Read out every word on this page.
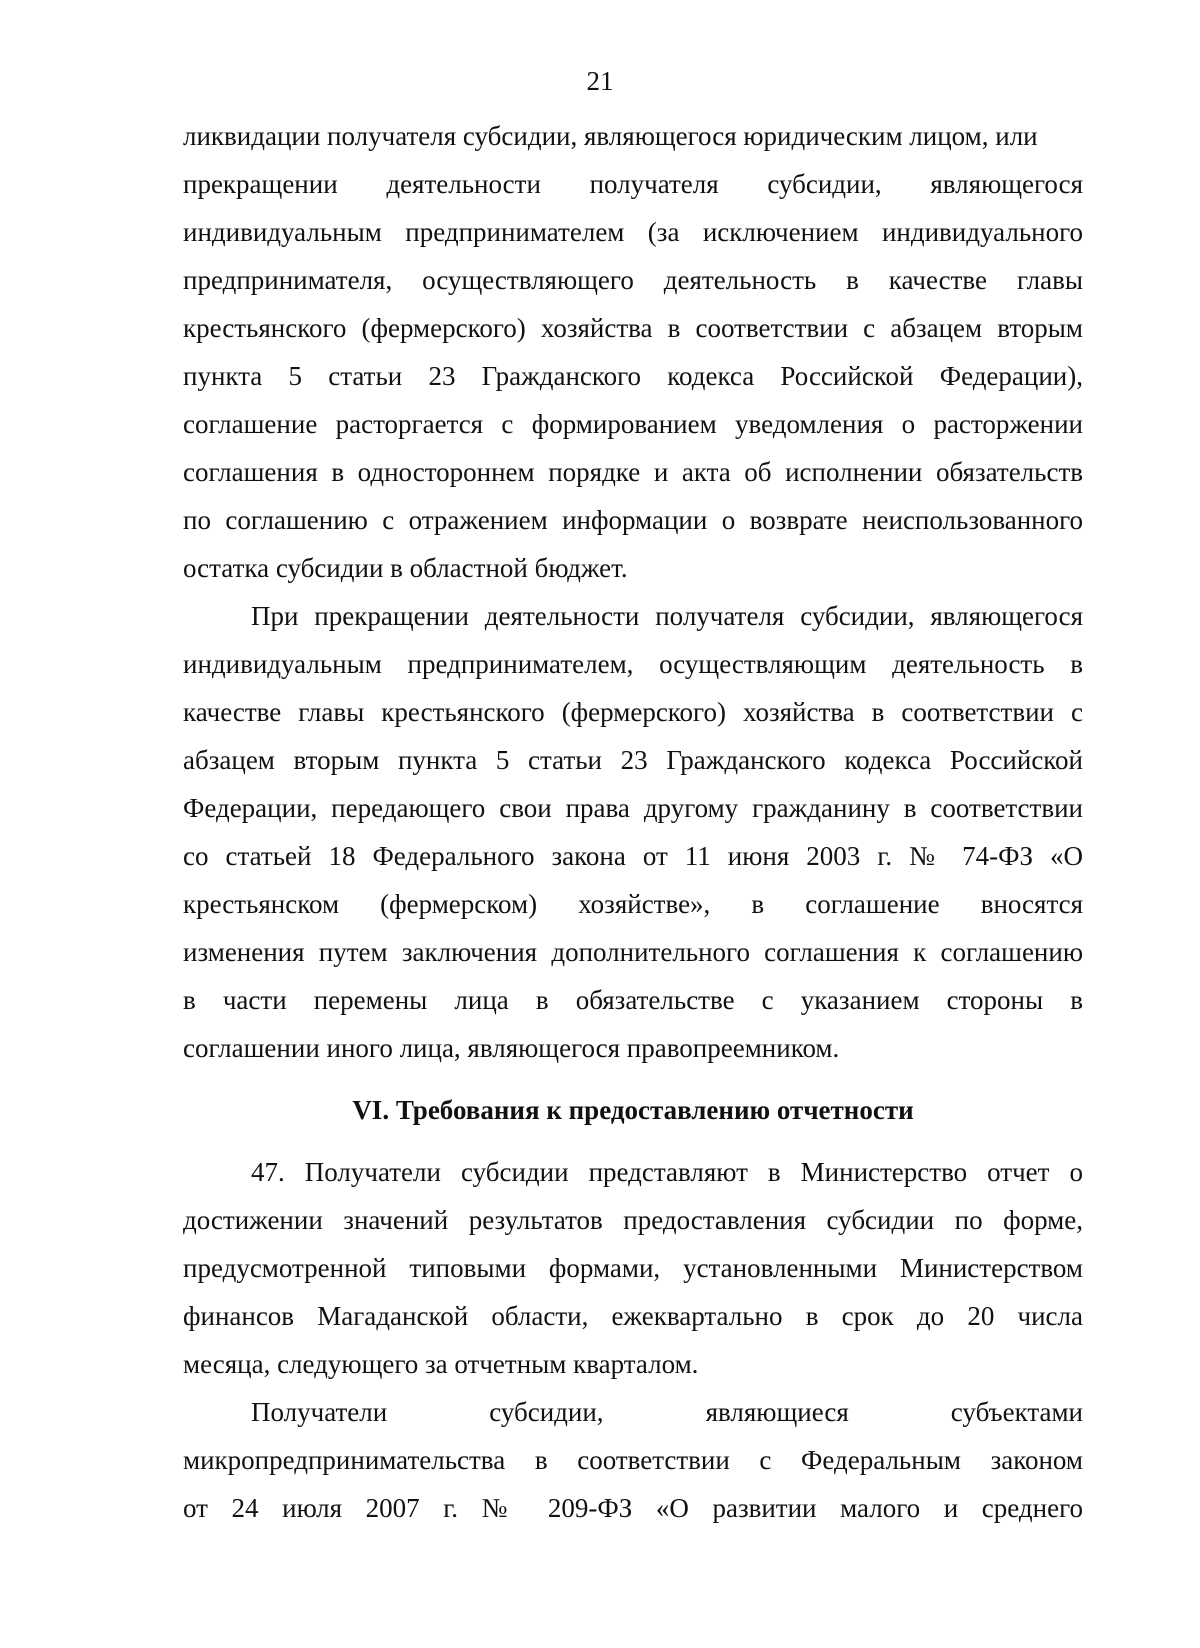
21
ликвидации получателя субсидии, являющегося юридическим лицом, или
прекращении деятельности получателя субсидии, являющегося
индивидуальным предпринимателем (за исключением индивидуального
предпринимателя, осуществляющего деятельность в качестве главы
крестьянского (фермерского) хозяйства в соответствии с абзацем вторым
пункта 5 статьи 23 Гражданского кодекса Российской Федерации),
соглашение расторгается с формированием уведомления о расторжении
соглашения в одностороннем порядке и акта об исполнении обязательств
по соглашению с отражением информации о возврате неиспользованного
остатка субсидии в областной бюджет.
При прекращении деятельности получателя субсидии, являющегося
индивидуальным предпринимателем, осуществляющим деятельность в
качестве главы крестьянского (фермерского) хозяйства в соответствии с
абзацем вторым пункта 5 статьи 23 Гражданского кодекса Российской
Федерации, передающего свои права другому гражданину в соответствии
со статьей 18 Федерального закона от 11 июня 2003 г. № 74-ФЗ «О
крестьянском (фермерском) хозяйстве», в соглашение вносятся
изменения путем заключения дополнительного соглашения к соглашению
в части перемены лица в обязательстве с указанием стороны в
соглашении иного лица, являющегося правопреемником.
VI. Требования к предоставлению отчетности
47. Получатели субсидии представляют в Министерство отчет о
достижении значений результатов предоставления субсидии по форме,
предусмотренной типовыми формами, установленными Министерством
финансов Магаданской области, ежеквартально в срок до 20 числа
месяца, следующего за отчетным кварталом.
Получатели субсидии, являющиеся субъектами
микропредпринимательства в соответствии с Федеральным законом
от 24 июля 2007 г. № 209-ФЗ «О развитии малого и среднего
